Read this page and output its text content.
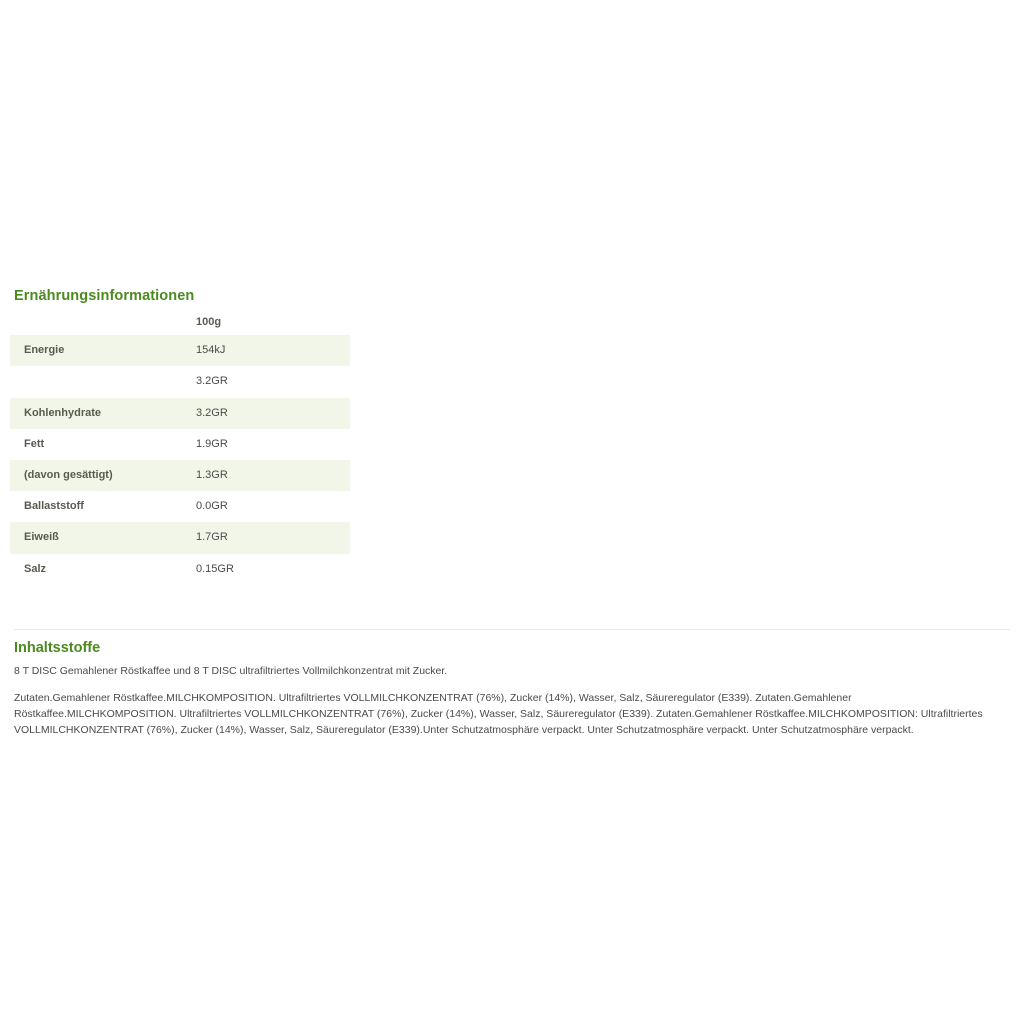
Ernährungsinformationen
	100g
Energie	154kJ
	3.2GR
Kohlenhydrate	3.2GR
Fett	1.9GR
(davon gesättigt)	1.3GR
Ballaststoff	0.0GR
Eiweiß	1.7GR
Salz	0.15GR
Inhaltsstoffe

8 T DISC Gemahlener Röstkaffee und 8 T DISC ultrafiltriertes Vollmilchkonzentrat mit Zucker.

Zutaten.Gemahlener Röstkaffee.MILCHKOMPOSITION. Ultrafiltriertes VOLLMILCHKONZENTRAT (76%), Zucker (14%), Wasser, Salz, Säureregulator (E339). Zutaten.Gemahlener Röstkaffee.MILCHKOMPOSITION. Ultrafiltriertes VOLLMILCHKONZENTRAT (76%), Zucker (14%), Wasser, Salz, Säureregulator (E339). Zutaten.Gemahlener Röstkaffee.MILCHKOMPOSITION: Ultrafiltriertes VOLLMILCHKONZENTRAT (76%), Zucker (14%), Wasser, Salz, Säureregulator (E339).Unter Schutzatmosphäre verpackt. Unter Schutzatmosphäre verpackt. Unter Schutzatmosphäre verpackt.
